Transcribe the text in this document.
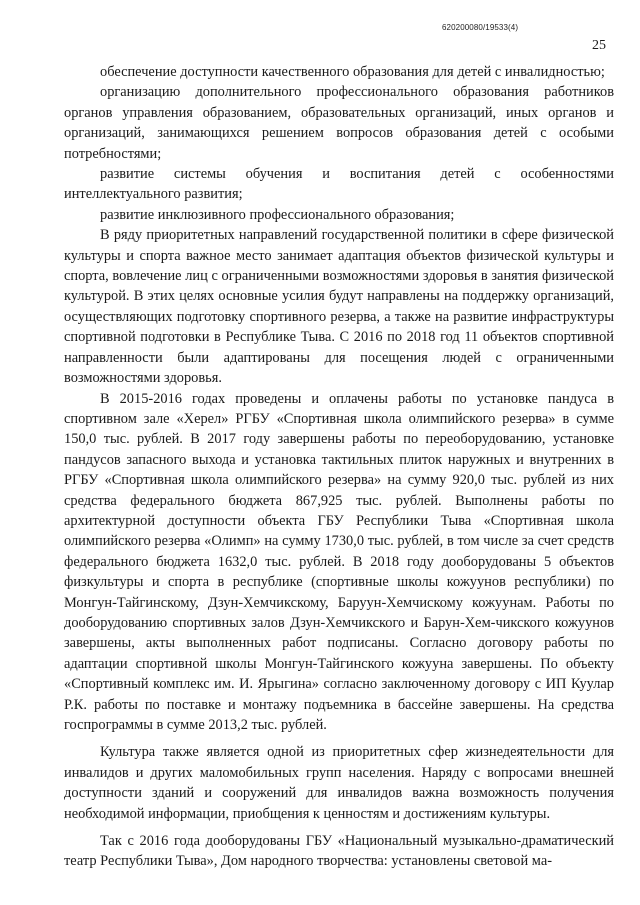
620200080/19533(4)
25

обеспечение доступности качественного образования для детей с инвалидностью;

организацию дополнительного профессионального образования работников органов управления образованием, образовательных организаций, иных органов и организаций, занимающихся решением вопросов образования детей с особыми потребностями;

развитие системы обучения и воспитания детей с особенностями интеллектуального развития;

развитие инклюзивного профессионального образования;

В ряду приоритетных направлений государственной политики в сфере физической культуры и спорта важное место занимает адаптация объектов физической культуры и спорта, вовлечение лиц с ограниченными возможностями здоровья в занятия физической культурой. В этих целях основные усилия будут направлены на поддержку организаций, осуществляющих подготовку спортивного резерва, а также на развитие инфраструктуры спортивной подготовки в Республике Тыва. С 2016 по 2018 год 11 объектов спортивной направленности были адаптированы для посещения людей с ограниченными возможностями здоровья.

В 2015-2016 годах проведены и оплачены работы по установке пандуса в спортивном зале «Херел» РГБУ «Спортивная школа олимпийского резерва» в сумме 150,0 тыс. рублей. В 2017 году завершены работы по переоборудованию, установке пандусов запасного выхода и установка тактильных плиток наружных и внутренних в РГБУ «Спортивная школа олимпийского резерва» на сумму 920,0 тыс. рублей из них средства федерального бюджета 867,925 тыс. рублей. Выполнены работы по архитектурной доступности объекта ГБУ Республики Тыва «Спортивная школа олимпийского резерва «Олимп» на сумму 1730,0 тыс. рублей, в том числе за счет средств федерального бюджета 1632,0 тыс. рублей. В 2018 году дооборудованы 5 объектов физкультуры и спорта в республике (спортивные школы кожуунов республики) по Монгун-Тайгинскому, Дзун-Хемчикскому, Баруун-Хемчискому кожуунам. Работы по дооборудованию спортивных залов Дзун-Хемчикского и Барун-Хем-чикского кожуунов завершены, акты выполненных работ подписаны. Согласно договору работы по адаптации спортивной школы Монгун-Тайгинского кожууна завершены. По объекту «Спортивный комплекс им. И. Ярыгина» согласно заключенному договору с ИП Куулар Р.К. работы по поставке и монтажу подъемника в бассейне завершены. На средства госпрограммы в сумме 2013,2 тыс. рублей.

Культура также является одной из приоритетных сфер жизнедеятельности для инвалидов и других маломобильных групп населения. Наряду с вопросами внешней доступности зданий и сооружений для инвалидов важна возможность получения необходимой информации, приобщения к ценностям и достижениям культуры.

Так с 2016 года дооборудованы ГБУ «Национальный музыкально-драматический театр Республики Тыва», Дом народного творчества: установлены световой ма-
